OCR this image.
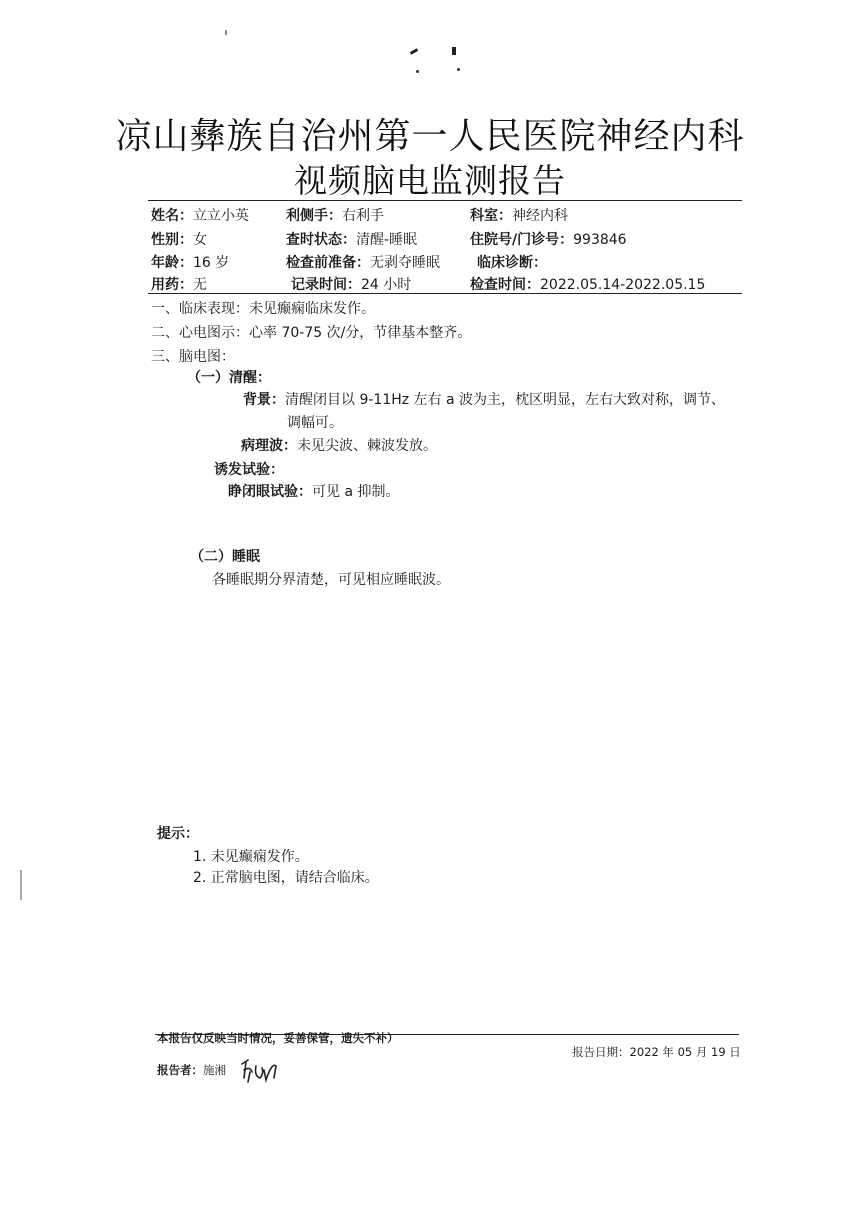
凉山彝族自治州第一人民医院神经内科
视频脑电监测报告
姓名：立立小英	利侧手：右利手	科室：神经内科
性别：女	查时状态：清醒-睡眠	住院号/门诊号：993846
年龄：16 岁	检查前准备：无剥夺睡眠	临床诊断：
用药：无	记录时间：24 小时	检查时间：2022.05.14-2022.05.15
一、临床表现：未见癫痫临床发作。
二、心电图示：心率 70-75 次/分，节律基本整齐。
三、脑电图：
（一）清醒：
背景：清醒闭目以 9-11Hz 左右 a 波为主，枕区明显，左右大致对称，调节、
调幅可。
病理波：未见尖波、棘波发放。
诱发试验：
睁闭眼试验：可见 a 抑制。
（二）睡眠
各睡眠期分界清楚，可见相应睡眠波。
提示：
1. 未见癫痫发作。
2. 正常脑电图，请结合临床。
本报告仅反映当时情况，妥善保管，遗失不补）
报告日期：2022 年 05 月 19 日
报告者：施湘
